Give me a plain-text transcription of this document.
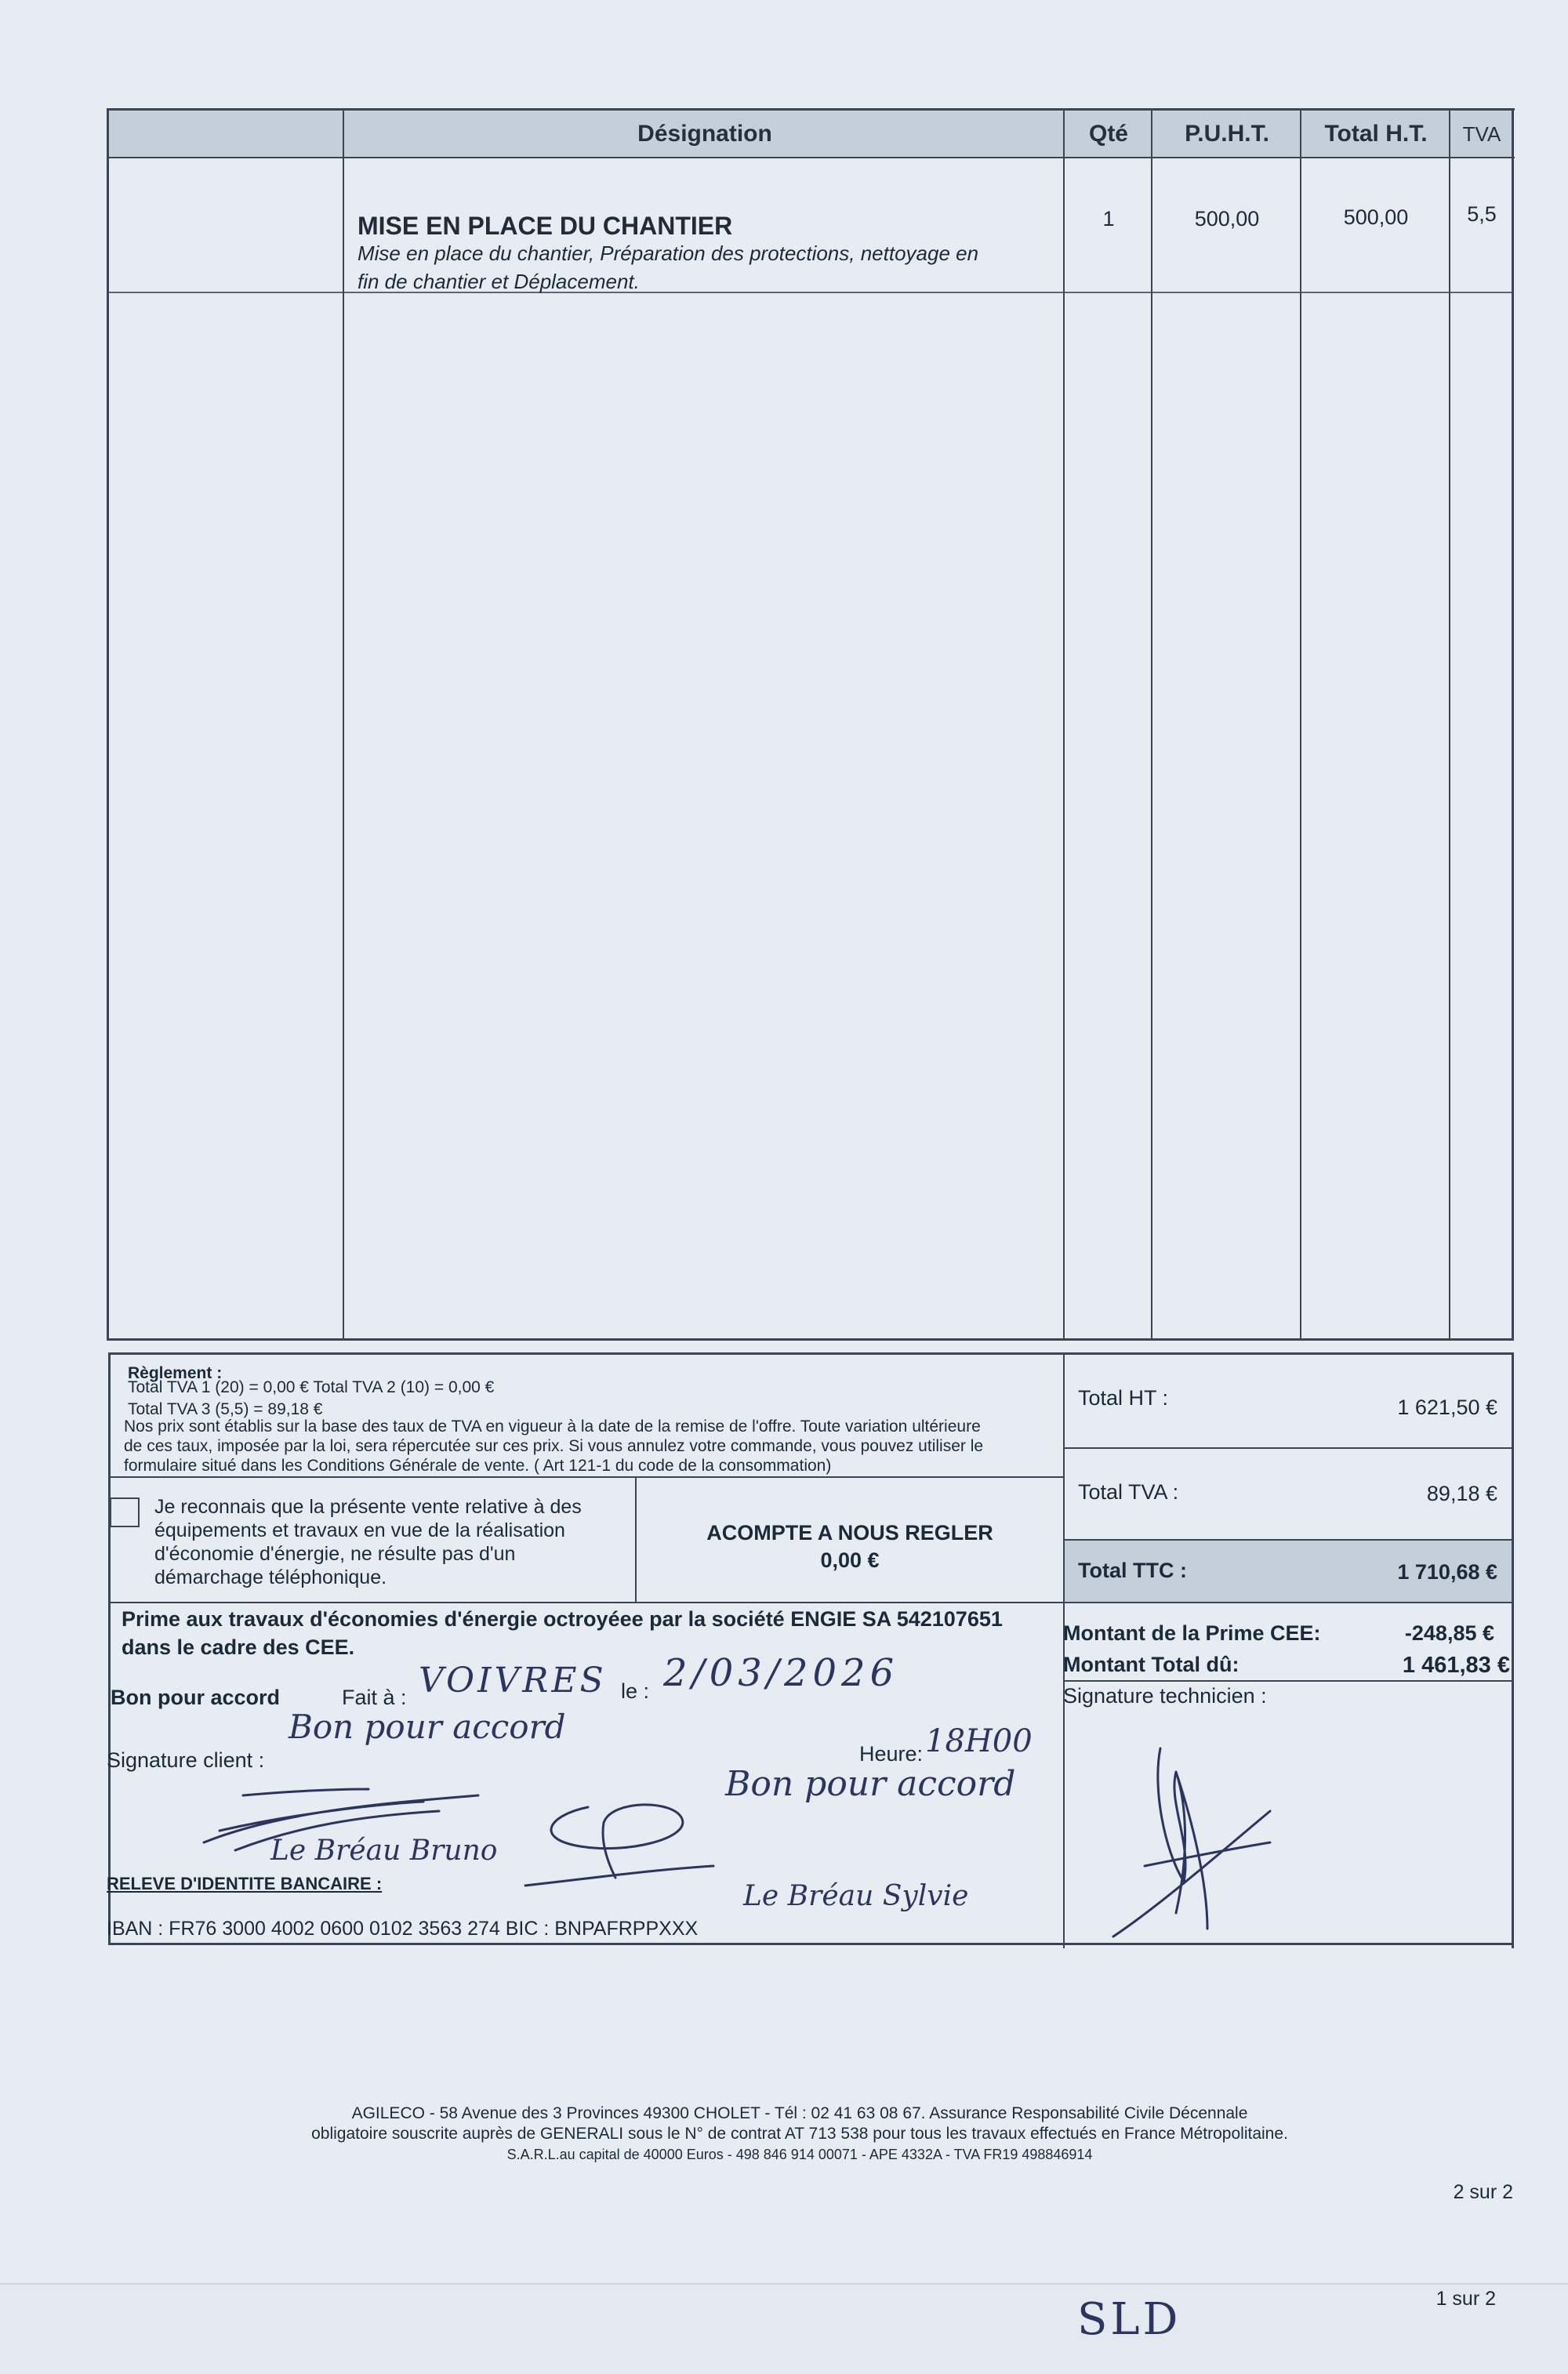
Désignation	Qté	P.U.H.T.	Total H.T.	TVA
MISE EN PLACE DU CHANTIER
Mise en place du chantier, Préparation des protections, nettoyage en
fin de chantier et Déplacement.
1	500,00	500,00	5,5
Règlement :
Total TVA 1 (20) = 0,00 € Total TVA 2 (10) = 0,00 €
Total TVA 3 (5,5) = 89,18 €
Nos prix sont établis sur la base des taux de TVA en vigueur à la date de la remise de l'offre. Toute variation ultérieure
de ces taux, imposée par la loi, sera répercutée sur ces prix. Si vous annulez votre commande, vous pouvez utiliser le
formulaire situé dans les Conditions Générale de vente. ( Art 121-1 du code de la consommation)
Total HT :	1 621,50 €
Total TVA :	89,18 €
Total TTC :	1 710,68 €
Montant de la Prime CEE:	-248,85 €
Montant Total dû:	1 461,83 €
Signature technicien :
Je reconnais que la présente vente relative à des
équipements et travaux en vue de la réalisation
d'économie d'énergie, ne résulte pas d'un
démarchage téléphonique.
ACOMPTE A NOUS REGLER
0,00 €
Prime aux travaux d'économies d'énergie octroyéee par la société ENGIE SA 542107651
dans le cadre des CEE.
Bon pour accord	Fait à : VOIVRES le : 2/03/2026
Bon pour accord
Signature client :	Heure: 18H00
Bon pour accord
Le Bréau Bruno
Le Bréau Sylvie
RELEVE D'IDENTITE BANCAIRE :
IBAN : FR76 3000 4002 0600 0102 3563 274 BIC : BNPAFRPPXXX
AGILECO - 58 Avenue des 3 Provinces 49300 CHOLET - Tél : 02 41 63 08 67. Assurance Responsabilité Civile Décennale
obligatoire souscrite auprès de GENERALI sous le N° de contrat AT 713 538 pour tous les travaux effectués en France Métropolitaine.
S.A.R.L.au capital de 40000 Euros - 498 846 914 00071 - APE 4332A - TVA FR19 498846914
2 sur 2
1 sur 2
SLD
